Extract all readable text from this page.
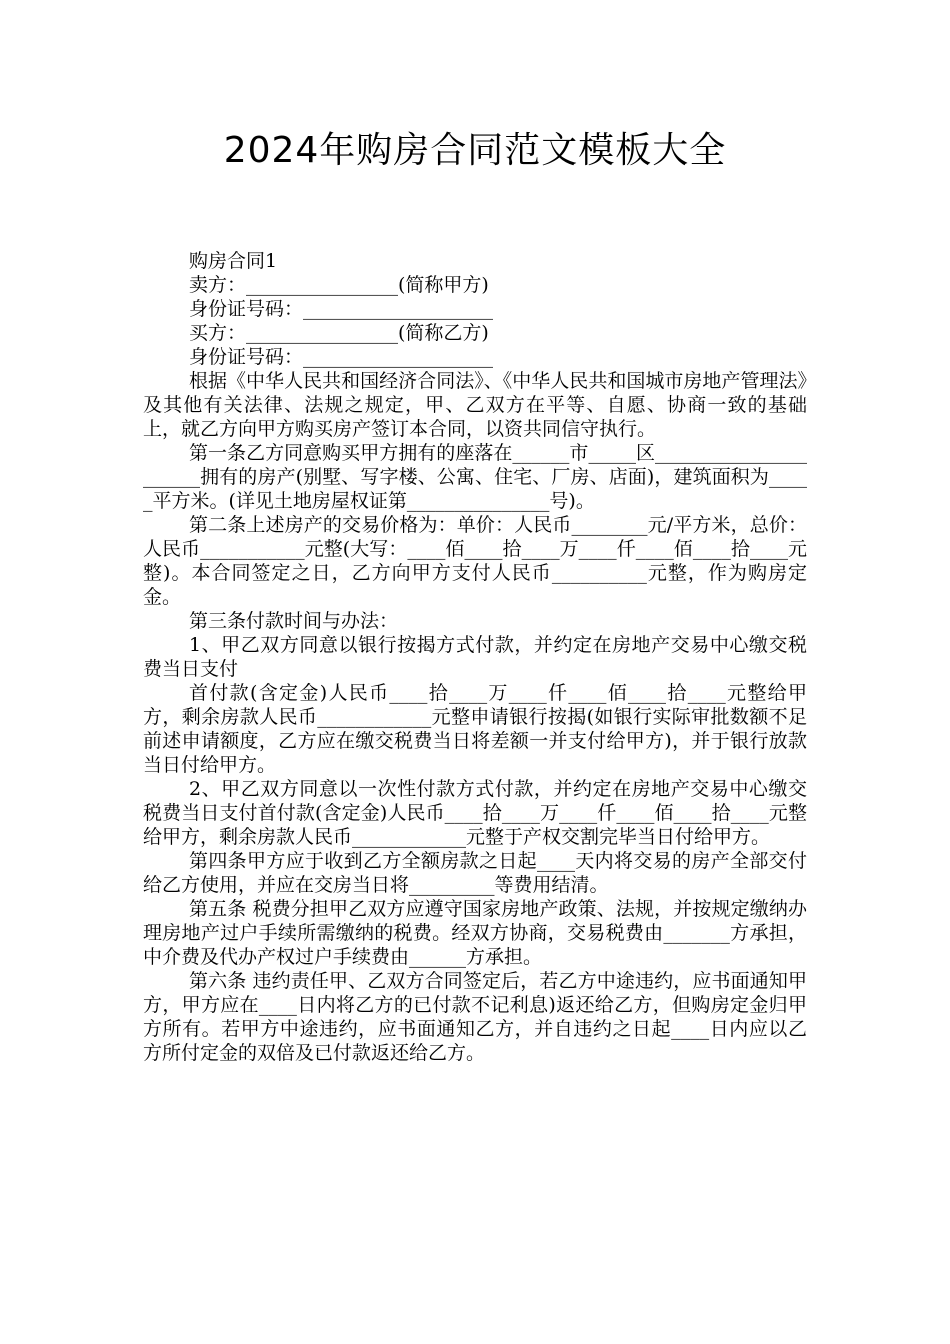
2024年购房合同范文模板大全

购房合同1

卖方：________________(简称甲方)

身份证号码：____________________

买方：________________(简称乙方)

身份证号码：____________________

根据《中华人民共和国经济合同法》、《中华人民共和国城市房地产管理法》及其他有关法律、法规之规定，甲、乙双方在平等、自愿、协商一致的基础上，就乙方向甲方购买房产签订本合同，以资共同信守执行。

第一条乙方同意购买甲方拥有的座落在______市_____区______________________拥有的房产(别墅、写字楼、公寓、住宅、厂房、店面)，建筑面积为_____平方米。(详见土地房屋权证第_______________号)。

第二条上述房产的交易价格为：单价：人民币________元/平方米，总价：人民币___________元整(大写：____佰____拾____万____仟____佰____拾____元整)。本合同签定之日，乙方向甲方支付人民币__________元整，作为购房定金。

第三条付款时间与办法：

1、甲乙双方同意以银行按揭方式付款，并约定在房地产交易中心缴交税费当日支付

首付款(含定金)人民币____拾____万____仟____佰____拾____元整给甲方，剩余房款人民币____________元整申请银行按揭(如银行实际审批数额不足前述申请额度，乙方应在缴交税费当日将差额一并支付给甲方)，并于银行放款当日付给甲方。

2、甲乙双方同意以一次性付款方式付款，并约定在房地产交易中心缴交税费当日支付首付款(含定金)人民币____拾____万____仟____佰____拾____元整给甲方，剩余房款人民币____________元整于产权交割完毕当日付给甲方。

第四条甲方应于收到乙方全额房款之日起____天内将交易的房产全部交付给乙方使用，并应在交房当日将_________等费用结清。

第五条 税费分担甲乙双方应遵守国家房地产政策、法规，并按规定缴纳办理房地产过户手续所需缴纳的税费。经双方协商，交易税费由_______方承担，中介费及代办产权过户手续费由______方承担。

第六条 违约责任甲、乙双方合同签定后，若乙方中途违约，应书面通知甲方，甲方应在____日内将乙方的已付款不记利息)返还给乙方，但购房定金归甲方所有。若甲方中途违约，应书面通知乙方，并自违约之日起____日内应以乙方所付定金的双倍及已付款返还给乙方。
